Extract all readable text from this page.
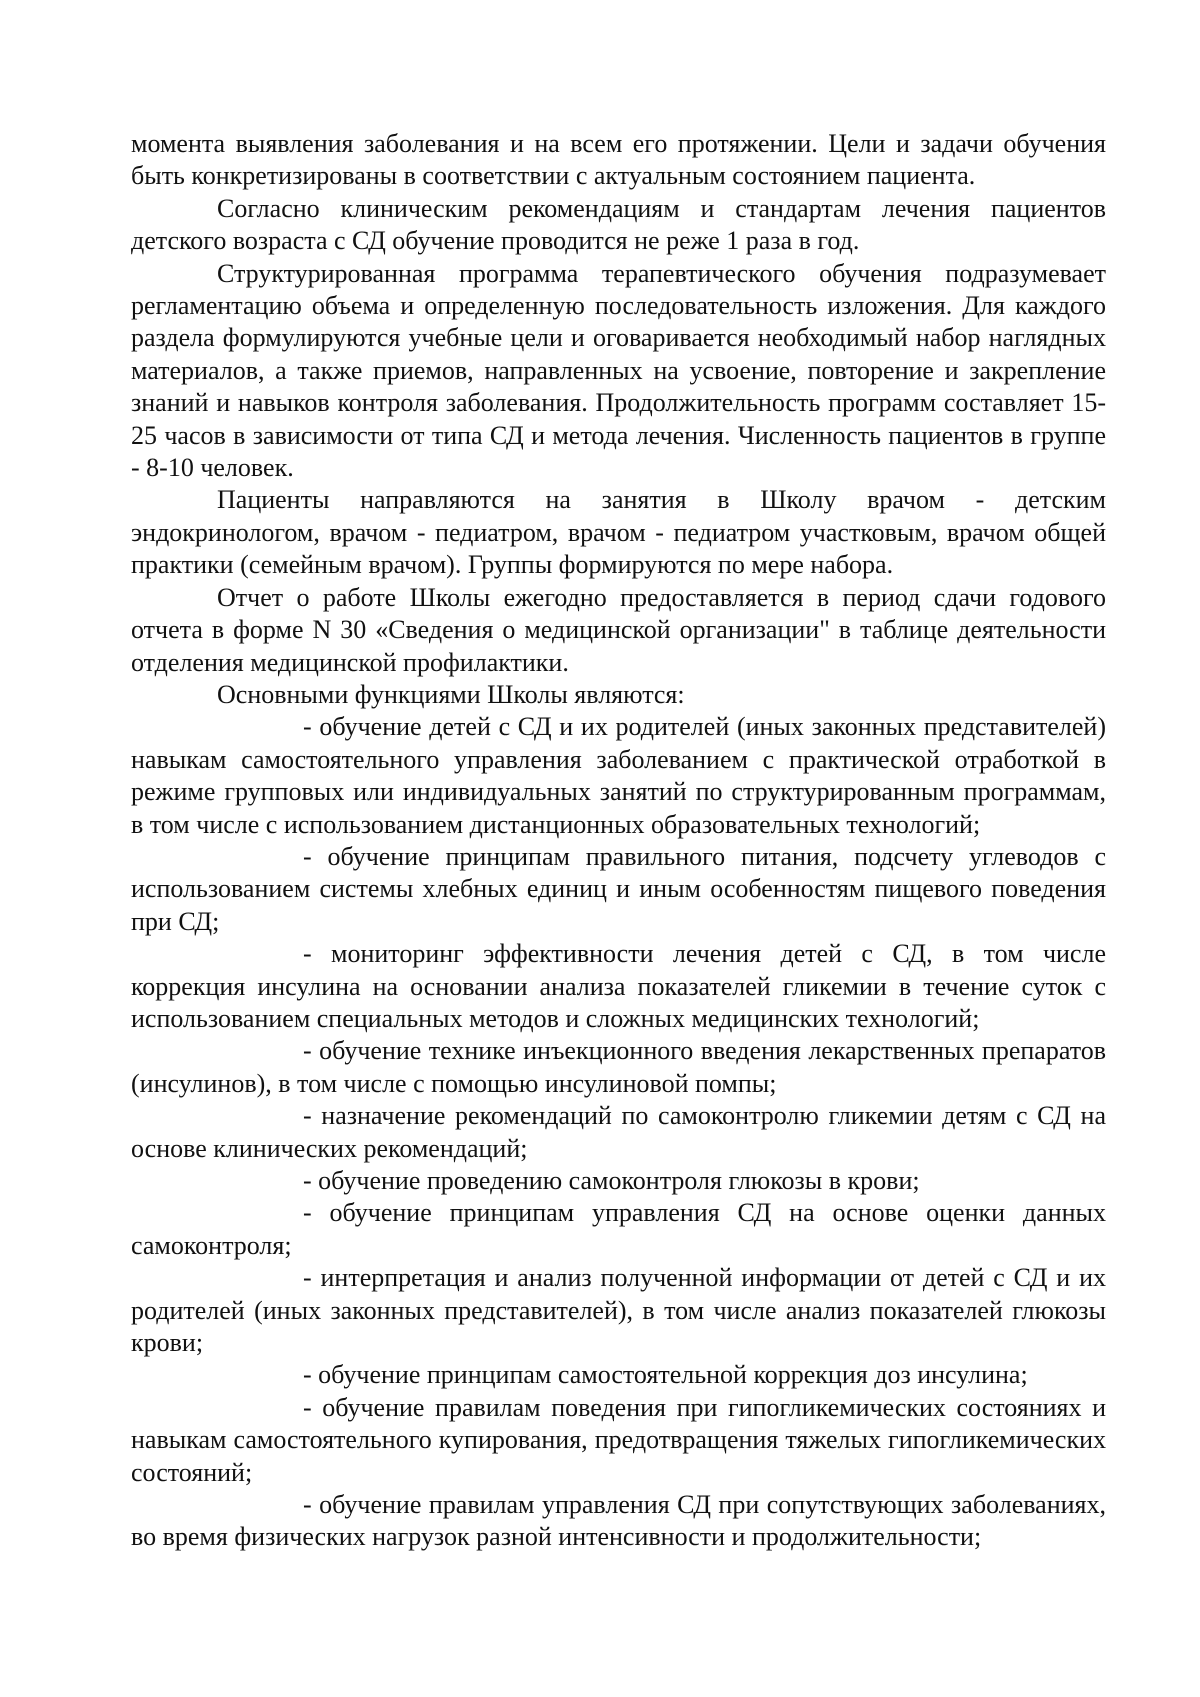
момента выявления заболевания и на всем его протяжении. Цели и задачи обучения быть конкретизированы в соответствии с актуальным состоянием пациента.

Согласно клиническим рекомендациям и стандартам лечения пациентов детского возраста с СД обучение проводится не реже 1 раза в год.

Структурированная программа терапевтического обучения подразумевает регламентацию объема и определенную последовательность изложения. Для каждого раздела формулируются учебные цели и оговаривается необходимый набор наглядных материалов, а также приемов, направленных на усвоение, повторение и закрепление знаний и навыков контроля заболевания. Продолжительность программ составляет 15-25 часов в зависимости от типа СД и метода лечения. Численность пациентов в группе - 8-10 человек.

Пациенты направляются на занятия в Школу врачом - детским эндокринологом, врачом - педиатром, врачом - педиатром участковым, врачом общей практики (семейным врачом). Группы формируются по мере набора.

Отчет о работе Школы ежегодно предоставляется в период сдачи годового отчета в форме N 30 «Сведения о медицинской организации" в таблице деятельности отделения медицинской профилактики.

Основными функциями Школы являются:

- обучение детей с СД и их родителей (иных законных представителей) навыкам самостоятельного управления заболеванием с практической отработкой в режиме групповых или индивидуальных занятий по структурированным программам, в том числе с использованием дистанционных образовательных технологий;

- обучение принципам правильного питания, подсчету углеводов с использованием системы хлебных единиц и иным особенностям пищевого поведения при СД;

- мониторинг эффективности лечения детей с СД, в том числе коррекция инсулина на основании анализа показателей гликемии в течение суток с использованием специальных методов и сложных медицинских технологий;

- обучение технике инъекционного введения лекарственных препаратов (инсулинов), в том числе с помощью инсулиновой помпы;

- назначение рекомендаций по самоконтролю гликемии детям с СД на основе клинических рекомендаций;

- обучение проведению самоконтроля глюкозы в крови;

- обучение принципам управления СД на основе оценки данных самоконтроля;

- интерпретация и анализ полученной информации от детей с СД и их родителей (иных законных представителей), в том числе анализ показателей глюкозы крови;

- обучение принципам самостоятельной коррекция доз инсулина;

- обучение правилам поведения при гипогликемических состояниях и навыкам самостоятельного купирования, предотвращения тяжелых гипогликемических состояний;

- обучение правилам управления СД при сопутствующих заболеваниях, во время физических нагрузок разной интенсивности и продолжительности;
